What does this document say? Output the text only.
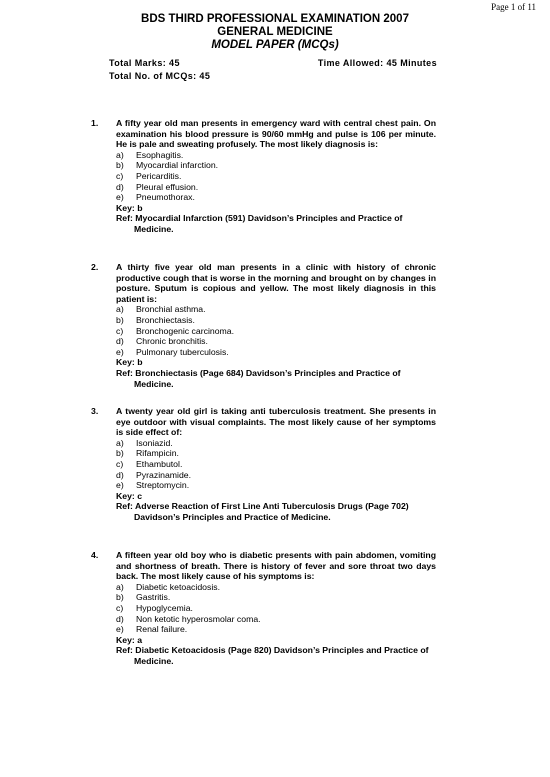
Page 1 of 11
BDS THIRD PROFESSIONAL EXAMINATION 2007
GENERAL MEDICINE
MODEL PAPER (MCQs)
Total Marks: 45	Time Allowed: 45 Minutes
Total No. of MCQs: 45
1. A fifty year old man presents in emergency ward with central chest pain. On examination his blood pressure is 90/60 mmHg and pulse is 106 per minute. He is pale and sweating profusely. The most likely diagnosis is:
a)	Esophagitis.
b)	Myocardial infarction.
c)	Pericarditis.
d)	Pleural effusion.
e)	Pneumothorax.
Key: b
Ref: Myocardial Infarction (591) Davidson’s Principles and Practice of Medicine.
2. A thirty five year old man presents in a clinic with history of chronic productive cough that is worse in the morning and brought on by changes in posture. Sputum is copious and yellow. The most likely diagnosis in this patient is:
a)	Bronchial asthma.
b)	Bronchiectasis.
c)	Bronchogenic carcinoma.
d)	Chronic bronchitis.
e)	Pulmonary tuberculosis.
Key: b
Ref: Bronchiectasis (Page 684) Davidson’s Principles and Practice of Medicine.
3. A twenty year old girl is taking anti tuberculosis treatment. She presents in eye outdoor with visual complaints. The most likely cause of her symptoms is side effect of:
a)	Isoniazid.
b)	Rifampicin.
c)	Ethambutol.
d)	Pyrazinamide.
e)	Streptomycin.
Key: c
Ref: Adverse Reaction of First Line Anti Tuberculosis Drugs (Page 702) Davidson’s Principles and Practice of Medicine.
4. A fifteen year old boy who is diabetic presents with pain abdomen, vomiting and shortness of breath. There is history of fever and sore throat two days back. The most likely cause of his symptoms is:
a)	Diabetic ketoacidosis.
b)	Gastritis.
c)	Hypoglycemia.
d)	Non ketotic hyperosmolar coma.
e)	Renal failure.
Key: a
Ref: Diabetic Ketoacidosis (Page 820) Davidson’s Principles and Practice of Medicine.
